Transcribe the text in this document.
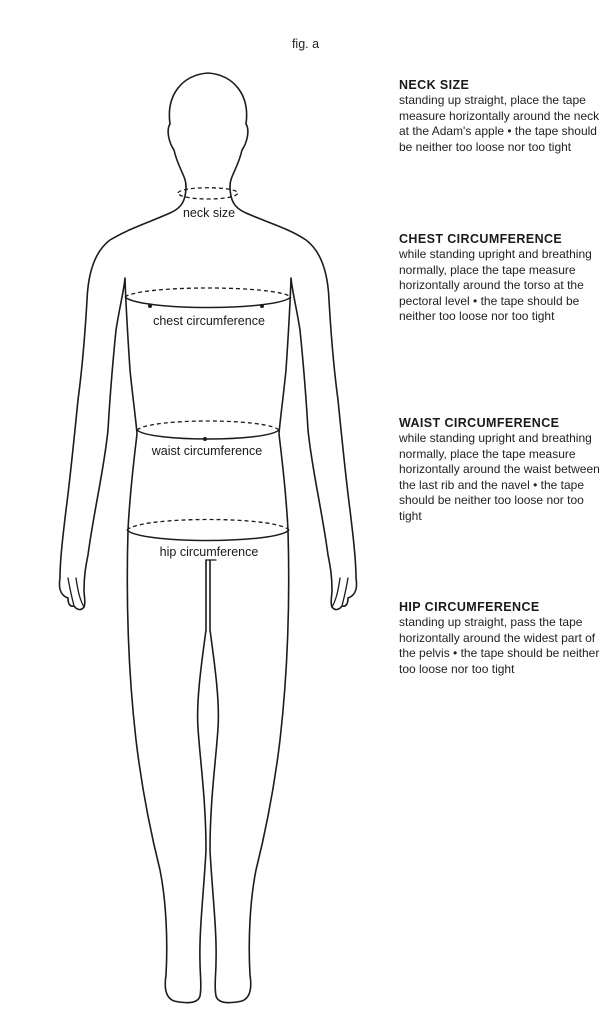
fig. a
neck size
chest circumference
waist circumference
hip circumference

NECK SIZE

standing up straight, place the tape measure horizontally around the neck at the Adam's apple • the tape should be neither too loose nor too tight

CHEST CIRCUMFERENCE

while standing upright and breathing normally, place the tape measure horizontally around the torso at the pectoral level • the tape should be neither too loose nor too tight

WAIST CIRCUMFERENCE

while standing upright and breathing normally, place the tape measure horizontally around the waist between the last rib and the navel • the tape should be neither too loose nor too tight

HIP CIRCUMFERENCE

standing up straight, pass the tape horizontally around the widest part of the pelvis • the tape should be neither too loose nor too tight
